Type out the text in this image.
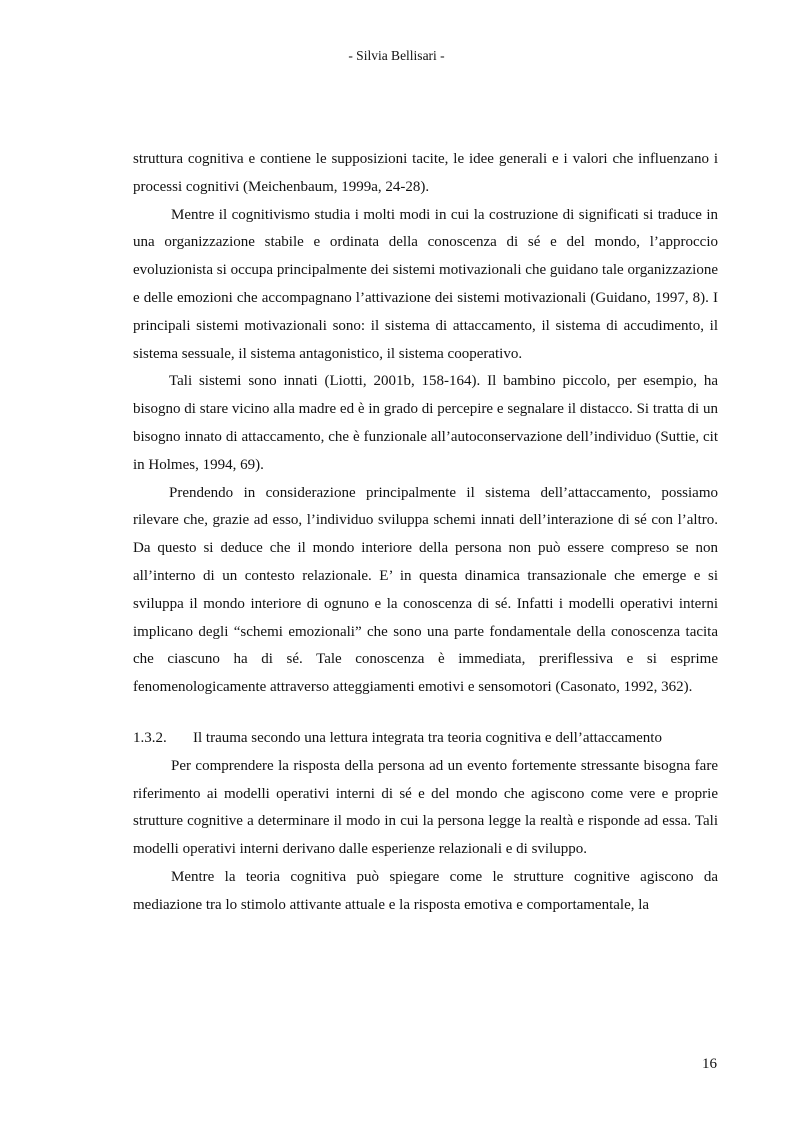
- Silvia Bellisari -

struttura cognitiva e contiene le supposizioni tacite, le idee generali e i valori che influenzano i processi cognitivi (Meichenbaum, 1999a, 24-28).

Mentre il cognitivismo studia i molti modi in cui la costruzione di significati si traduce in una organizzazione stabile e ordinata della conoscenza di sé e del mondo, l’approccio evoluzionista si occupa principalmente dei sistemi motivazionali che guidano tale organizzazione e delle emozioni che accompagnano l’attivazione dei sistemi motivazionali (Guidano, 1997, 8). I principali sistemi motivazionali sono: il sistema di attaccamento, il sistema di accudimento, il sistema sessuale, il sistema antagonistico, il sistema cooperativo.

Tali sistemi sono innati (Liotti, 2001b, 158-164). Il bambino piccolo, per esempio, ha bisogno di stare vicino alla madre ed è in grado di percepire e segnalare il distacco. Si tratta di un bisogno innato di attaccamento, che è funzionale all’autoconservazione dell’individuo (Suttie, cit in Holmes, 1994, 69).

Prendendo in considerazione principalmente il sistema dell’attaccamento, possiamo rilevare che, grazie ad esso, l’individuo sviluppa schemi innati dell’interazione di sé con l’altro. Da questo si deduce che il mondo interiore della persona non può essere compreso se non all’interno di un contesto relazionale. E’ in questa dinamica transazionale che emerge e si sviluppa il mondo interiore di ognuno e la conoscenza di sé. Infatti i modelli operativi interni implicano degli “schemi emozionali” che sono una parte fondamentale della conoscenza tacita che ciascuno ha di sé. Tale conoscenza è immediata, preriflessiva e si esprime fenomenologicamente attraverso atteggiamenti emotivi e sensomotori (Casonato, 1992, 362).

1.3.2. Il trauma secondo una lettura integrata tra teoria cognitiva e dell’attaccamento

Per comprendere la risposta della persona ad un evento fortemente stressante bisogna fare riferimento ai modelli operativi interni di sé e del mondo che agiscono come vere e proprie strutture cognitive a determinare il modo in cui la persona legge la realtà e risponde ad essa. Tali modelli operativi interni derivano dalle esperienze relazionali e di sviluppo.

Mentre la teoria cognitiva può spiegare come le strutture cognitive agiscono da mediazione tra lo stimolo attivante attuale e la risposta emotiva e comportamentale, la

16
